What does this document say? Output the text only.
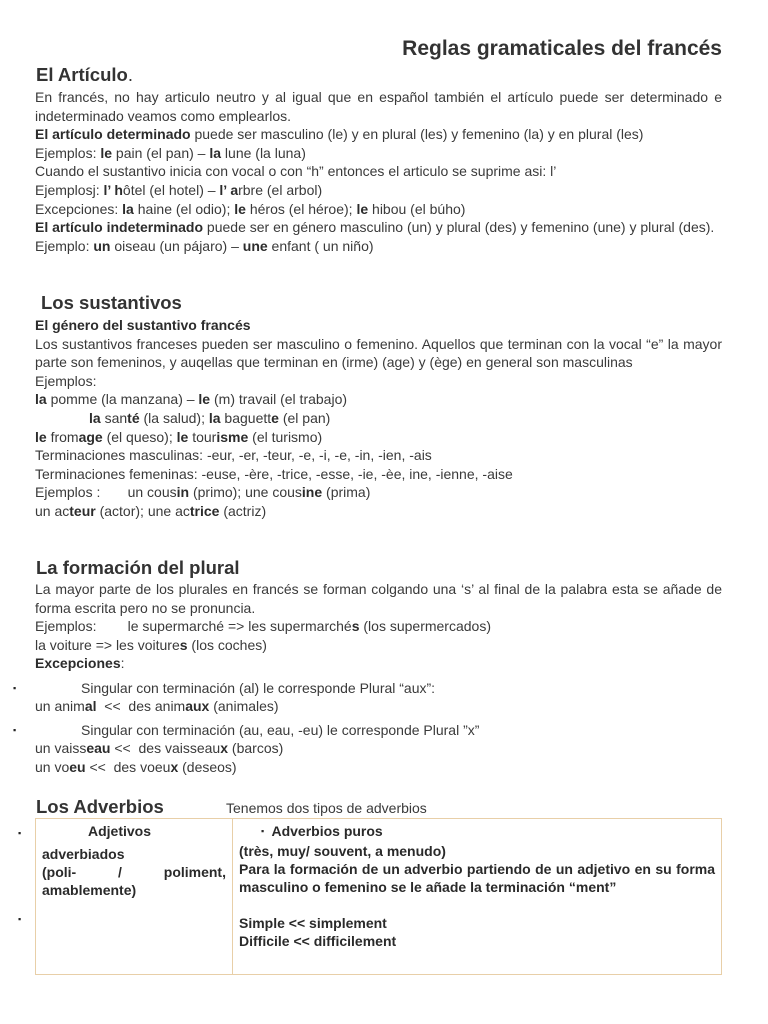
Reglas gramaticales del francés
El Artículo.

En francés, no hay articulo neutro y al igual que en español también el artículo puede ser determinado e indeterminado veamos como emplearlos.

El artículo determinado puede ser masculino (le) y en plural (les) y femenino (la) y en plural (les)

Ejemplos: le pain (el pan) – la lune (la luna)

Cuando el sustantivo inicia con vocal o con “h” entonces el articulo se suprime asi: l’

Ejemplosj: l’ hôtel (el hotel) – l’ arbre (el arbol)

Excepciones: la haine (el odio); le héros (el héroe); le hibou (el búho)

El artículo indeterminado puede ser en género masculino (un) y plural (des) y femenino (une) y plural (des).

Ejemplo: un oiseau (un pájaro) – une enfant ( un niño)

Los sustantivos

El género del sustantivo francés

Los sustantivos franceses pueden ser masculino o femenino. Aquellos que terminan con la vocal “e” la mayor parte son femeninos, y auqellas que terminan en (irme) (age) y (ège) en general son masculinas

Ejemplos:

la pomme (la manzana) – le (m) travail (el trabajo)

la santé (la salud); la baguette (el pan)

le fromage (el queso); le tourisme (el turismo)

Terminaciones masculinas: -eur, -er, -teur, -e, -i, -e, -in, -ien, -ais

Terminaciones femeninas: -euse, -ère, -trice, -esse, -ie, -èe, ine, -ienne, -aise

Ejemplos :       un cousin (primo); une cousine (prima)

un acteur (actor); une actrice (actriz)

La formación del plural

La mayor parte de los plurales en francés se forman colgando una ‘s’ al final de la palabra esta se añade de forma escrita pero no se pronuncia.

Ejemplos:        le supermarché => les supermarchés (los supermercados)

la voiture => les voitures (los coches)

Excepciones:

▪	Singular con terminación (al) le corresponde Plural “aux”:
un animal  <<  des animaux (animales)
▪	Singular con terminación (au, eau, -eu) le corresponde Plural ”x”
un vaisseau <<  des vaisseaux (barcos)
un voeu <<  des voeux (deseos)
Los Adverbios	Tenemos dos tipos de adverbios
▪
▪
Adjetivos
adverbiados
(poli-	/	poliment,
amablemente)

▪ Adverbios puros
(très, muy/ souvent, a menudo)
Para la formación de un adverbio partiendo de un adjetivo en su forma masculino o femenino se le añade la terminación “ment”
Simple << simplement
Difficile << difficilement
